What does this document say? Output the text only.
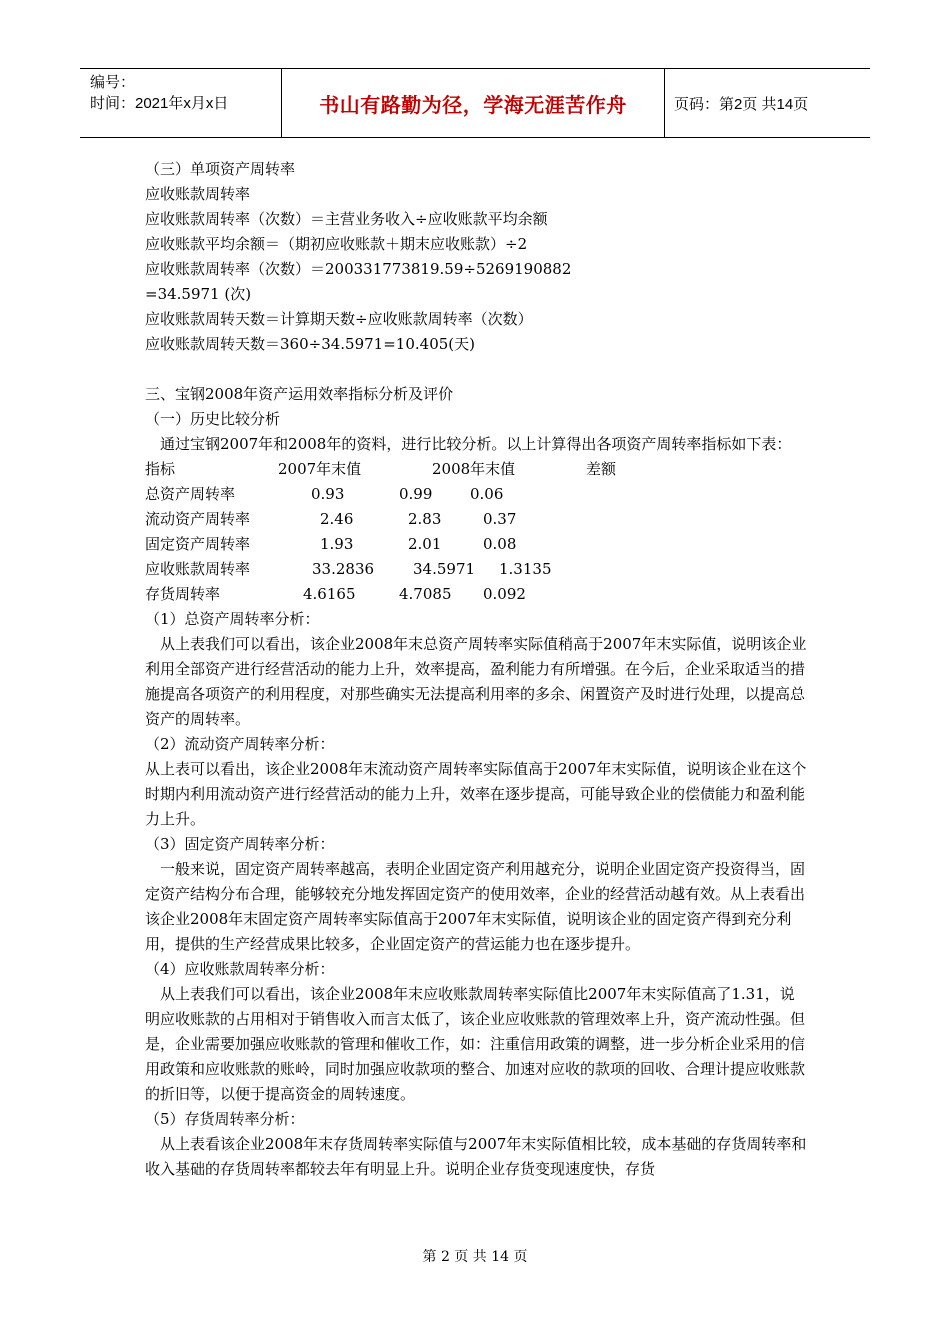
编号：
时间：2021年x月x日	书山有路勤为径，学海无涯苦作舟	页码：第2页 共14页

（三）单项资产周转率

应收账款周转率

应收账款周转率（次数）＝主营业务收入÷应收账款平均余额

应收账款平均余额＝（期初应收账款＋期末应收账款）÷2

应收账款周转率（次数）＝200331773819.59÷5269190882

=34.5971 (次)

应收账款周转天数＝计算期天数÷应收账款周转率（次数）

应收账款周转天数＝360÷34.5971=10.405(天)

三、宝钢2008年资产运用效率指标分析及评价

（一）历史比较分析

通过宝钢2007年和2008年的资料，进行比较分析。以上计算得出各项资产周转率指标如下表：

指标	2007年末值	2008年末值	差额
总资产周转率	0.93	0.99	0.06
流动资产周转率	2.46	2.83	0.37
固定资产周转率	1.93	2.01	0.08
应收账款周转率	33.2836	34.5971 1.3135
存货周转率	4.6165	4.7085 0.092

（1）总资产周转率分析：

从上表我们可以看出，该企业2008年末总资产周转率实际值稍高于2007年末实际值，说明该企业利用全部资产进行经营活动的能力上升，效率提高，盈利能力有所增强。在今后，企业采取适当的措施提高各项资产的利用程度，对那些确实无法提高利用率的多余、闲置资产及时进行处理，以提高总资产的周转率。

（2）流动资产周转率分析：

从上表可以看出，该企业2008年末流动资产周转率实际值高于2007年末实际值，说明该企业在这个时期内利用流动资产进行经营活动的能力上升，效率在逐步提高，可能导致企业的偿债能力和盈利能力上升。

（3）固定资产周转率分析：

一般来说，固定资产周转率越高，表明企业固定资产利用越充分，说明企业固定资产投资得当，固定资产结构分布合理，能够较充分地发挥固定资产的使用效率，企业的经营活动越有效。从上表看出该企业2008年末固定资产周转率实际值高于2007年末实际值，说明该企业的固定资产得到充分利用，提供的生产经营成果比较多，企业固定资产的营运能力也在逐步提升。

（4）应收账款周转率分析：

从上表我们可以看出，该企业2008年末应收账款周转率实际值比2007年末实际值高了1.31，说明应收账款的占用相对于销售收入而言太低了，该企业应收账款的管理效率上升，资产流动性强。但是，企业需要加强应收账款的管理和催收工作，如：注重信用政策的调整，进一步分析企业采用的信用政策和应收账款的账岭，同时加强应收款项的整合、加速对应收的款项的回收、合理计提应收账款的折旧等，以便于提高资金的周转速度。

（5）存货周转率分析：

从上表看该企业2008年末存货周转率实际值与2007年末实际值相比较，成本基础的存货周转率和收入基础的存货周转率都较去年有明显上升。说明企业存货变现速度快，存货

第 2 页 共 14 页
